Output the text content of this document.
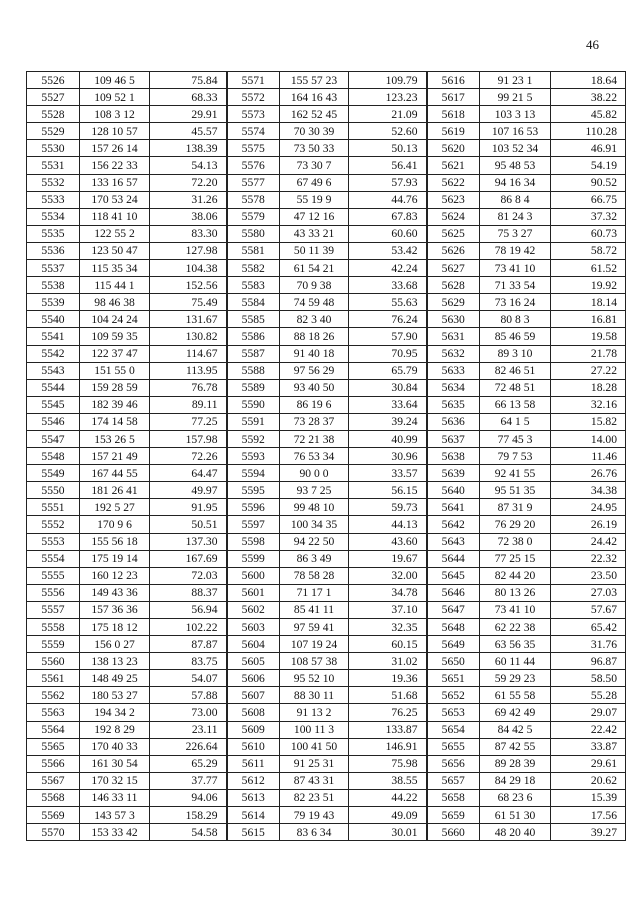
46
5526	109 46 5	75.84	5571	155 57 23	109.79	5616	91 23 1	18.64
5527	109 52 1	68.33	5572	164 16 43	123.23	5617	99 21 5	38.22
5528	108 3 12	29.91	5573	162 52 45	21.09	5618	103 3 13	45.82
5529	128 10 57	45.57	5574	70 30 39	52.60	5619	107 16 53	110.28
5530	157 26 14	138.39	5575	73 50 33	50.13	5620	103 52 34	46.91
5531	156 22 33	54.13	5576	73 30 7	56.41	5621	95 48 53	54.19
5532	133 16 57	72.20	5577	67 49 6	57.93	5622	94 16 34	90.52
5533	170 53 24	31.26	5578	55 19 9	44.76	5623	86 8 4	66.75
5534	118 41 10	38.06	5579	47 12 16	67.83	5624	81 24 3	37.32
5535	122 55 2	83.30	5580	43 33 21	60.60	5625	75 3 27	60.73
5536	123 50 47	127.98	5581	50 11 39	53.42	5626	78 19 42	58.72
5537	115 35 34	104.38	5582	61 54 21	42.24	5627	73 41 10	61.52
5538	115 44 1	152.56	5583	70 9 38	33.68	5628	71 33 54	19.92
5539	98 46 38	75.49	5584	74 59 48	55.63	5629	73 16 24	18.14
5540	104 24 24	131.67	5585	82 3 40	76.24	5630	80 8 3	16.81
5541	109 59 35	130.82	5586	88 18 26	57.90	5631	85 46 59	19.58
5542	122 37 47	114.67	5587	91 40 18	70.95	5632	89 3 10	21.78
5543	151 55 0	113.95	5588	97 56 29	65.79	5633	82 46 51	27.22
5544	159 28 59	76.78	5589	93 40 50	30.84	5634	72 48 51	18.28
5545	182 39 46	89.11	5590	86 19 6	33.64	5635	66 13 58	32.16
5546	174 14 58	77.25	5591	73 28 37	39.24	5636	64 1 5	15.82
5547	153 26 5	157.98	5592	72 21 38	40.99	5637	77 45 3	14.00
5548	157 21 49	72.26	5593	76 53 34	30.96	5638	79 7 53	11.46
5549	167 44 55	64.47	5594	90 0 0	33.57	5639	92 41 55	26.76
5550	181 26 41	49.97	5595	93 7 25	56.15	5640	95 51 35	34.38
5551	192 5 27	91.95	5596	99 48 10	59.73	5641	87 31 9	24.95
5552	170 9 6	50.51	5597	100 34 35	44.13	5642	76 29 20	26.19
5553	155 56 18	137.30	5598	94 22 50	43.60	5643	72 38 0	24.42
5554	175 19 14	167.69	5599	86 3 49	19.67	5644	77 25 15	22.32
5555	160 12 23	72.03	5600	78 58 28	32.00	5645	82 44 20	23.50
5556	149 43 36	88.37	5601	71 17 1	34.78	5646	80 13 26	27.03
5557	157 36 36	56.94	5602	85 41 11	37.10	5647	73 41 10	57.67
5558	175 18 12	102.22	5603	97 59 41	32.35	5648	62 22 38	65.42
5559	156 0 27	87.87	5604	107 19 24	60.15	5649	63 56 35	31.76
5560	138 13 23	83.75	5605	108 57 38	31.02	5650	60 11 44	96.87
5561	148 49 25	54.07	5606	95 52 10	19.36	5651	59 29 23	58.50
5562	180 53 27	57.88	5607	88 30 11	51.68	5652	61 55 58	55.28
5563	194 34 2	73.00	5608	91 13 2	76.25	5653	69 42 49	29.07
5564	192 8 29	23.11	5609	100 11 3	133.87	5654	84 42 5	22.42
5565	170 40 33	226.64	5610	100 41 50	146.91	5655	87 42 55	33.87
5566	161 30 54	65.29	5611	91 25 31	75.98	5656	89 28 39	29.61
5567	170 32 15	37.77	5612	87 43 31	38.55	5657	84 29 18	20.62
5568	146 33 11	94.06	5613	82 23 51	44.22	5658	68 23 6	15.39
5569	143 57 3	158.29	5614	79 19 43	49.09	5659	61 51 30	17.56
5570	153 33 42	54.58	5615	83 6 34	30.01	5660	48 20 40	39.27
